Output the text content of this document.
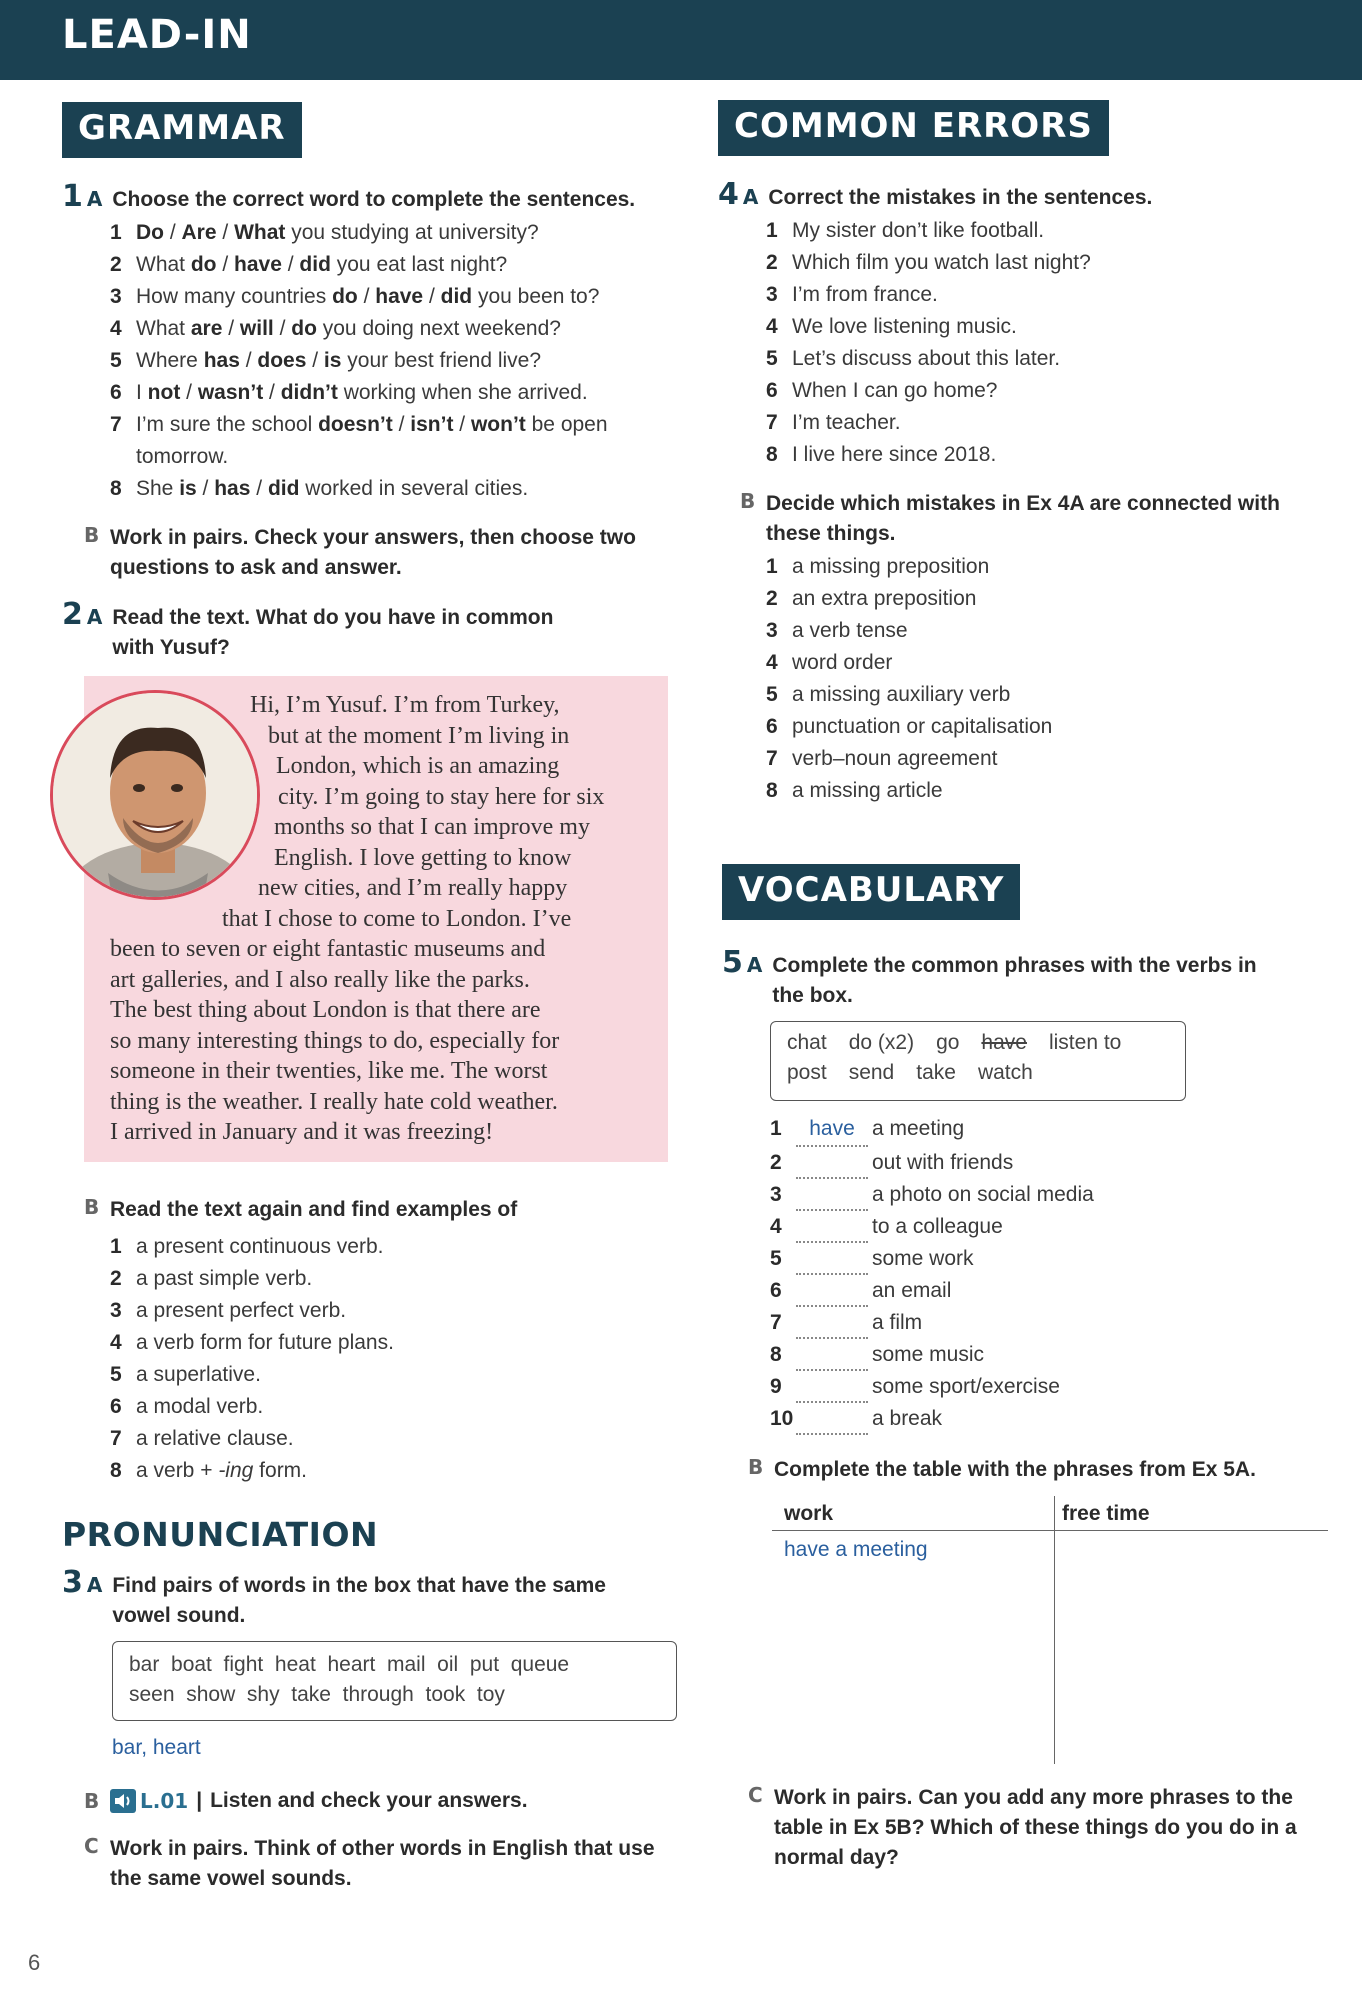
LEAD-IN
GRAMMAR
1 A Choose the correct word to complete the sentences.
1 Do / Are / What you studying at university?
2 What do / have / did you eat last night?
3 How many countries do / have / did you been to?
4 What are / will / do you doing next weekend?
5 Where has / does / is your best friend live?
6 I not / wasn’t / didn’t working when she arrived.
7 I’m sure the school doesn’t / isn’t / won’t be open tomorrow.
8 She is / has / did worked in several cities.
B Work in pairs. Check your answers, then choose two questions to ask and answer.
2 A Read the text. What do you have in common with Yusuf?
Hi, I’m Yusuf. I’m from Turkey,
but at the moment I’m living in
London, which is an amazing
city. I’m going to stay here for six
months so that I can improve my
English. I love getting to know
new cities, and I’m really happy
that I chose to come to London. I’ve
been to seven or eight fantastic museums and
art galleries, and I also really like the parks.
The best thing about London is that there are
so many interesting things to do, especially for
someone in their twenties, like me. The worst
thing is the weather. I really hate cold weather.
I arrived in January and it was freezing!
B Read the text again and find examples of
1 a present continuous verb.
2 a past simple verb.
3 a present perfect verb.
4 a verb form for future plans.
5 a superlative.
6 a modal verb.
7 a relative clause.
8 a verb + -ing form.
PRONUNCIATION
3 A Find pairs of words in the box that have the same vowel sound.
bar  boat  fight  heat  heart  mail  oil  put  queue
seen  show  shy  take  through  took  toy
bar, heart
B	L.01 | Listen and check your answers.
C Work in pairs. Think of other words in English that use the same vowel sounds.
COMMON ERRORS
4 A Correct the mistakes in the sentences.
1 My sister don’t like football.
2 Which film you watch last night?
3 I’m from france.
4 We love listening music.
5 Let’s discuss about this later.
6 When I can go home?
7 I’m teacher.
8 I live here since 2018.
B Decide which mistakes in Ex 4A are connected with these things.
1 a missing preposition
2 an extra preposition
3 a verb tense
4 word order
5 a missing auxiliary verb
6 punctuation or capitalisation
7 verb–noun agreement
8 a missing article
VOCABULARY
5 A Complete the common phrases with the verbs in the box.
chat do (x2) go have listen to
post send take watch
1	have a meeting
2	out with friends
3	a photo on social media
4	to a colleague
5	some work
6	an email
7	a film
8	some music
9	some sport/exercise
10	a break
B Complete the table with the phrases from Ex 5A.
work	free time
have a meeting
C Work in pairs. Can you add any more phrases to the table in Ex 5B? Which of these things do you do in a normal day?
6
